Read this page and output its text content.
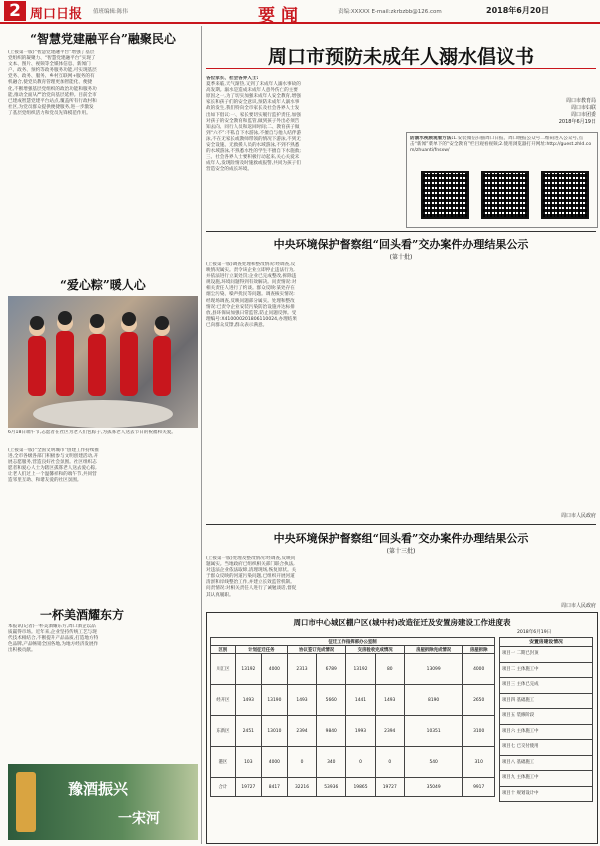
2 周口日报 值班编辑:陈伟	要闻	责编:XXXXX E-mail:zkrbzbb@126.com	2018年6月20日
“智慧党建融平台”融聚民心
(上接第一版)“智慧党建融平台”增强了基层党组织的凝聚力、“智慧党建融平台”实现了文本、图片、视频等全媒体信息、新闻门户、政务、预约等政务服务功能,可实现基层党务、政务、服务、乡村互联网+服务的有机融合,使党员教育管理更加智能化、便捷化,不断增强基层党组织的政治功能和服务功能,推动全面从严治党向基层延伸。目前全市已建成智慧党建平台站点,覆盖所有行政村和社区,为党员群众提供便捷服务,进一步激发了基层党组织活力和党员先锋模范作用。
“爱心粽”暖人心
6月18日端午节,志愿者在社区为老人们包粽子,为孤寡老人送去节日的祝福和关爱。
(上接第一版)“全国文明城市”创建工作持续推进,全市各级各部门积极参与文明创建活动,开展志愿服务,营造良好社会氛围。社区组织志愿者和爱心人士为辖区孤寡老人送去爱心粽,让老人们过上一个温馨祥和的端午节,共同营造邻里互助、和谐友爱的社区氛围。
一杯美酒耀东方
本报讯(记者)一杯美酒耀东方,周口酒企以品质赢得市场。近年来,企业坚持传统工艺与现代技术相结合,不断提升产品品质,打造地方特色品牌,产品畅销全国各地,为地方经济发展作出积极贡献。
豫酒振兴
一宋河
周口市预防未成年人溺水倡议书
各位家长、社会各界人士:
夏季来临,天气渐热,又到了未成年人溺水事故的高发期。溺水是造成未成年人意外伤亡的主要原因之一,为了切实加强未成年人安全教育,增强家长和孩子们的安全意识,预防未成年人溺水事故的发生,我们特向全市家长及社会各界人士发出如下倡议:一、家长要切实履行监护责任,加强对孩子的安全教育和监管,做到孩子外出必须告知去向、同行人员和返回时间;二、教育孩子做到“六不”:不私自下水游泳,不擅自与他人结伴游泳,不在无家长或教师带领的情况下游泳,不到无安全设施、无救援人员的水域游泳,不到不熟悉的水域游泳,不熟悉水性的学生不擅自下水施救;三、社会各界人士要积极行动起来,关心关爱未成年人,发现险情及时施救或报警,共同为孩子们营造安全的成长环境。
周口市教育局
周口市妇联
周口市团委
2018年6月19日
防溺水视频观看方法:1.安装微信扫描周口日报、周口晚报公众号二维码进入公众号,点击“新闻”菜单下的“安全教育”栏目观看视频;2.使用浏览器打开网址:http://guest.zhld.com/zhuanti/fnsxw/
中央环境保护督察组“回头看”交办案件办理结果公示
(第十批)
(上接第一版)调查处理和整改情况:经调查,反映情况属实。责令该企业立即停止违法行为,并依法进行立案处罚;企业已完成整改,拆除违规设施,环境问题得到有效解决。问责情况:对相关责任人进行了约谈。群众反映:某处存在烟尘污染、噪声扰民等问题。调查核实情况:经现场调查,反映问题部分属实。处理和整改情况:已责令企业安装污染防治设施并达标排放,县环保局加强日常监管,防止问题反弹。受理编号:X410000201806110024,办理结果已向群众反馈,群众表示满意。
周口市人民政府
中央环境保护督察组“回头看”交办案件办理结果公示
(第十三批)
(上接第一版)处理及整改情况:经调查,反映问题属实。当地政府已组织相关部门联合执法,对违法企业依法取缔,清理现场,恢复原状。关于群众反映的河道污染问题,已组织开展河道清淤和岸线整治工作,并建立长效监管机制。问责情况:对相关责任人进行了诫勉谈话,督促其认真履职。
周口市人民政府
周口市中心城区棚户区(城中村)改造征迁及安置房建设工作进度表
2018年6月19日
征迁工作指挥部办公室制								
区别	计划征迁任务		协议签订完成情况		交房验收完成情况		房屋拆除完成情况	房屋拆除
川汇区	13192	4000	2313	6789	13192	80	13099	4000
经开区	1493	13190	1493	5660	1441	1493	8190	2650
东新区	2451	13010	2394	9840	1993	2394	10351	3100
港区	103	4000	0	340	0	0	540	310
合计	19727	8417	32216	53936	19865	19727	35049	9917
安置房建设情况
项目一 二期已封顶
项目二 主体施工中
项目三 主体已完成
项目四 基础施工
项目五 装修阶段
项目六 主体施工中
项目七 已交付使用
项目八 基础施工
项目九 主体施工中
项目十 规划设计中
